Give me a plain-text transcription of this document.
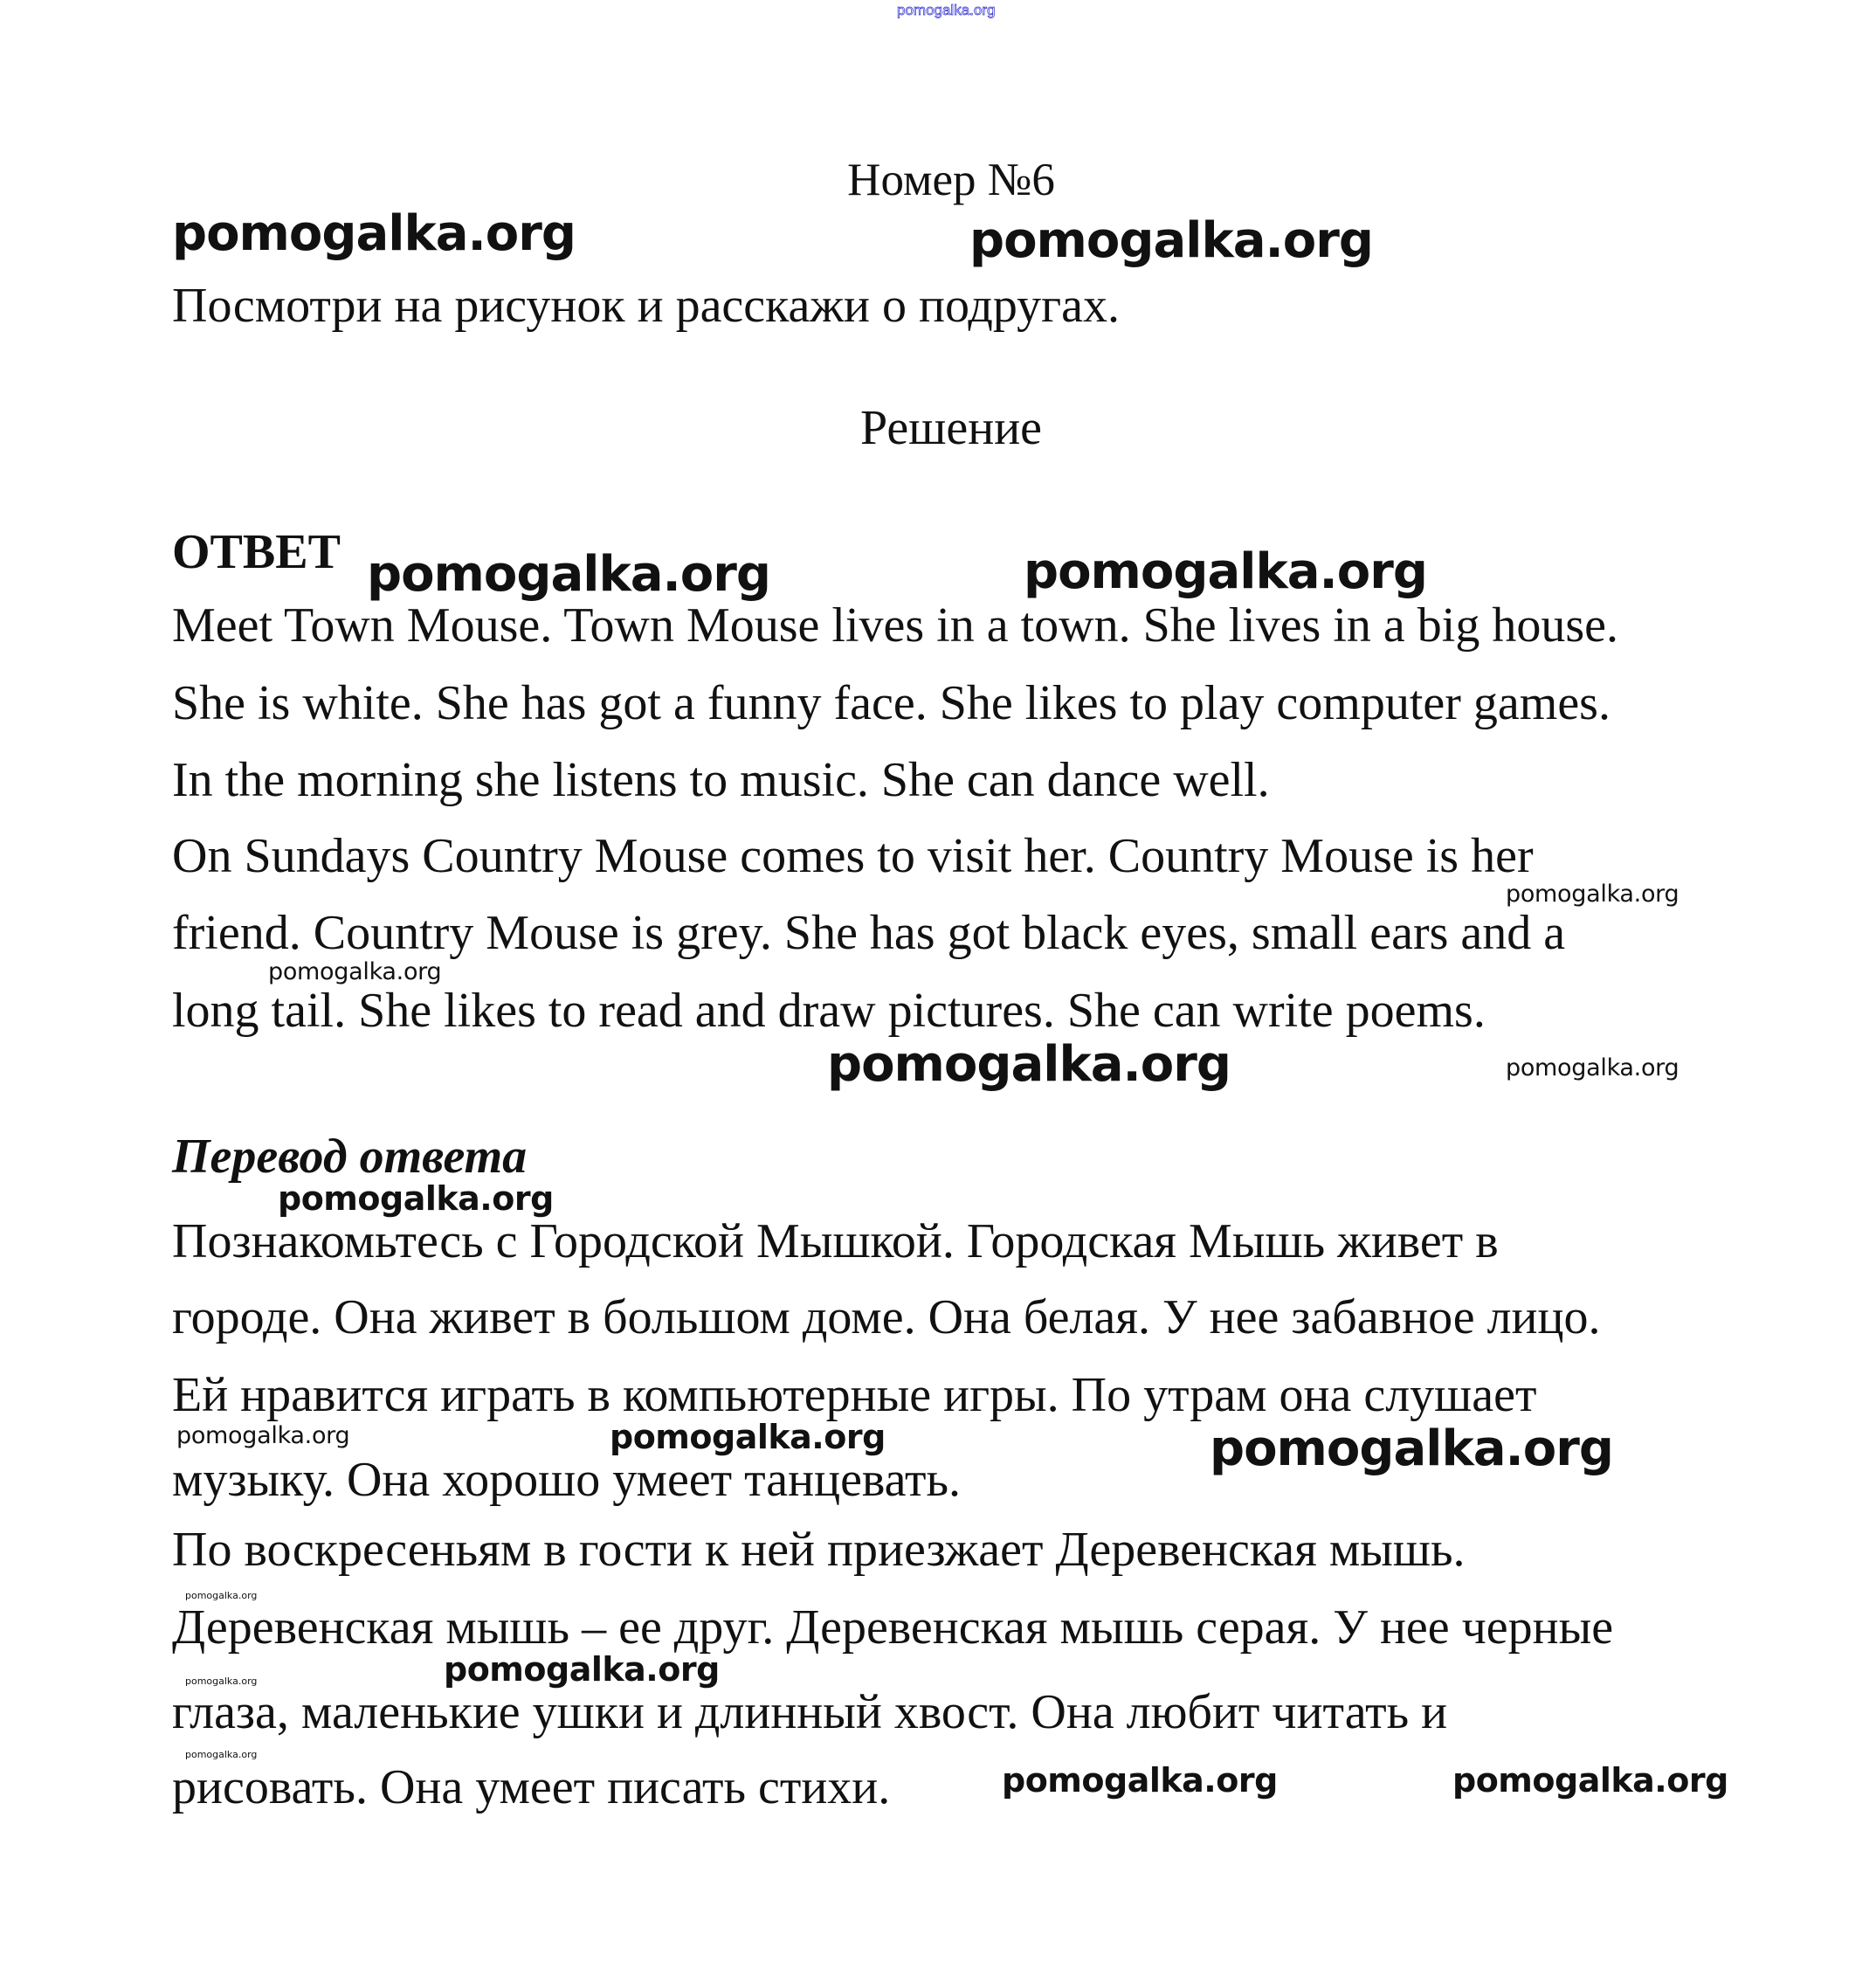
pomogalka.org
Номер №6
Посмотри на рисунок и расскажи о подругах.
Решение
ОТВЕТ
Meet Town Mouse. Town Mouse lives in a town. She lives in a big house.
She is white. She has got a funny face. She likes to play computer games.
In the morning she listens to music. She can dance well.
On Sundays Country Mouse comes to visit her. Country Mouse is her
friend. Country Mouse is grey. She has got black eyes, small ears and a
long tail. She likes to read and draw pictures. She can write poems.
Перевод ответа
Познакомьтесь с Городской Мышкой. Городская Мышь живет в
городе. Она живет в большом доме. Она белая. У нее забавное лицо.
Ей нравится играть в компьютерные игры. По утрам она слушает
музыку. Она хорошо умеет танцевать.
По воскресеньям в гости к ней приезжает Деревенская мышь.
Деревенская мышь – ее друг. Деревенская мышь серая. У нее черные
глаза, маленькие ушки и длинный хвост. Она любит читать и
рисовать. Она умеет писать стихи.
pomogalka.org	pomogalka.org
pomogalka.org	pomogalka.org
pomogalka.org
pomogalka.org
pomogalka.org
pomogalka.org
pomogalka.org
pomogalka.org	pomogalka.org
pomogalka.org
pomogalka.org
pomogalka.org
pomogalka.org
pomogalka.org
pomogalka.org
pomogalka.org
